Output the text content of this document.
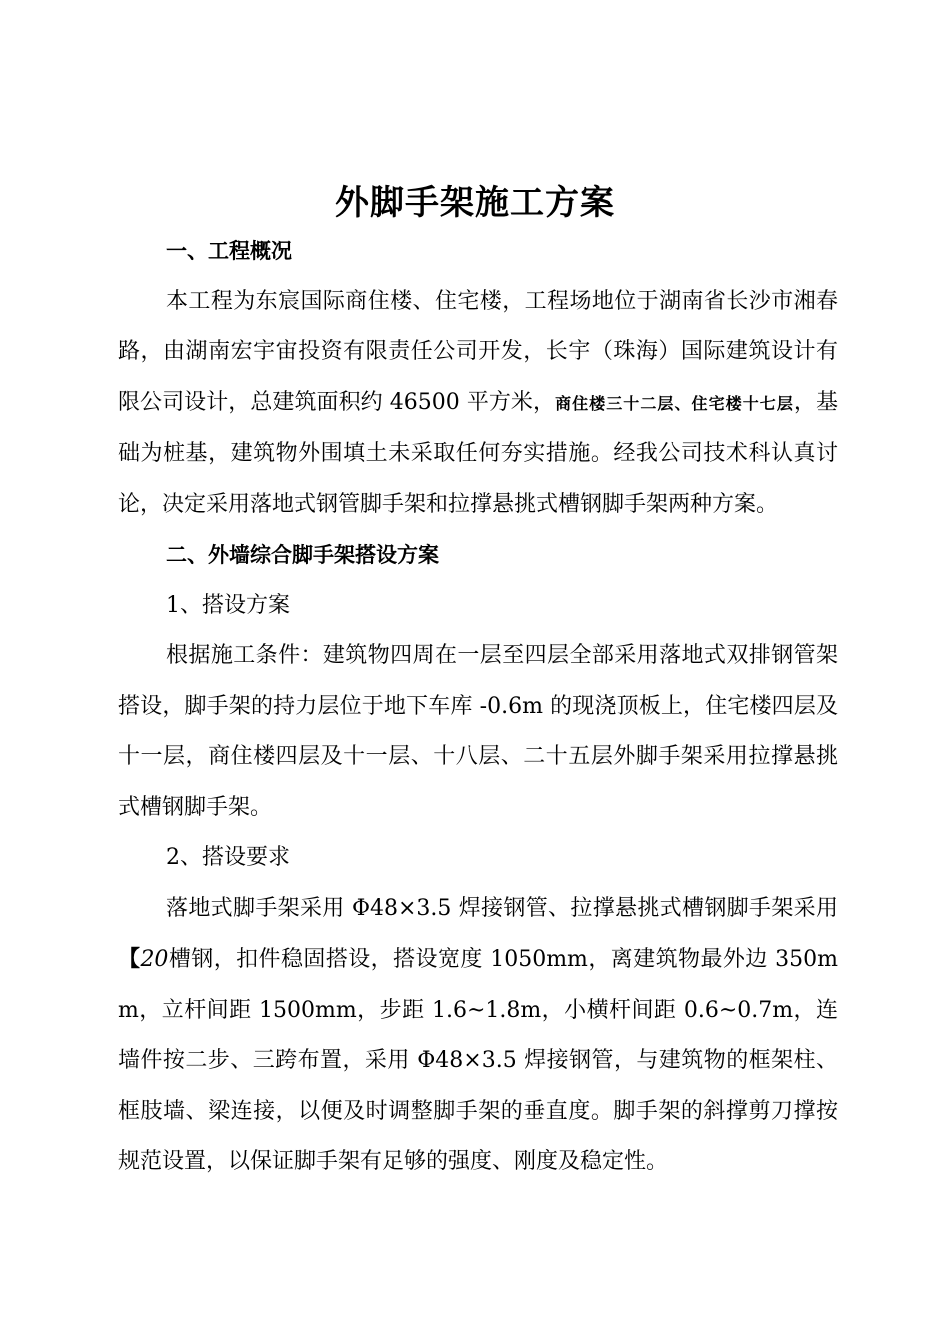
外脚手架施工方案

一、工程概况

本工程为东宸国际商住楼、住宅楼，工程场地位于湖南省长沙市湘春路，由湖南宏宇宙投资有限责任公司开发，长宇（珠海）国际建筑设计有限公司设计，总建筑面积约 46500 平方米，商住楼三十二层、住宅楼十七层，基础为桩基，建筑物外围填土未采取任何夯实措施。经我公司技术科认真讨论，决定采用落地式钢管脚手架和拉撑悬挑式槽钢脚手架两种方案。

二、外墙综合脚手架搭设方案

1、搭设方案

根据施工条件：建筑物四周在一层至四层全部采用落地式双排钢管架搭设，脚手架的持力层位于地下车库 -0.6m 的现浇顶板上，住宅楼四层及十一层，商住楼四层及十一层、十八层、二十五层外脚手架采用拉撑悬挑式槽钢脚手架。

2、搭设要求

落地式脚手架采用 Φ48×3.5 焊接钢管、拉撑悬挑式槽钢脚手架采用 【20槽钢，扣件稳固搭设，搭设宽度 1050mm，离建筑物最外边 350mm，立杆间距 1500mm，步距 1.6~1.8m，小横杆间距 0.6~0.7m，连墙件按二步、三跨布置，采用 Φ48×3.5 焊接钢管，与建筑物的框架柱、框肢墙、梁连接，以便及时调整脚手架的垂直度。脚手架的斜撑剪刀撑按规范设置，以保证脚手架有足够的强度、刚度及稳定性。
